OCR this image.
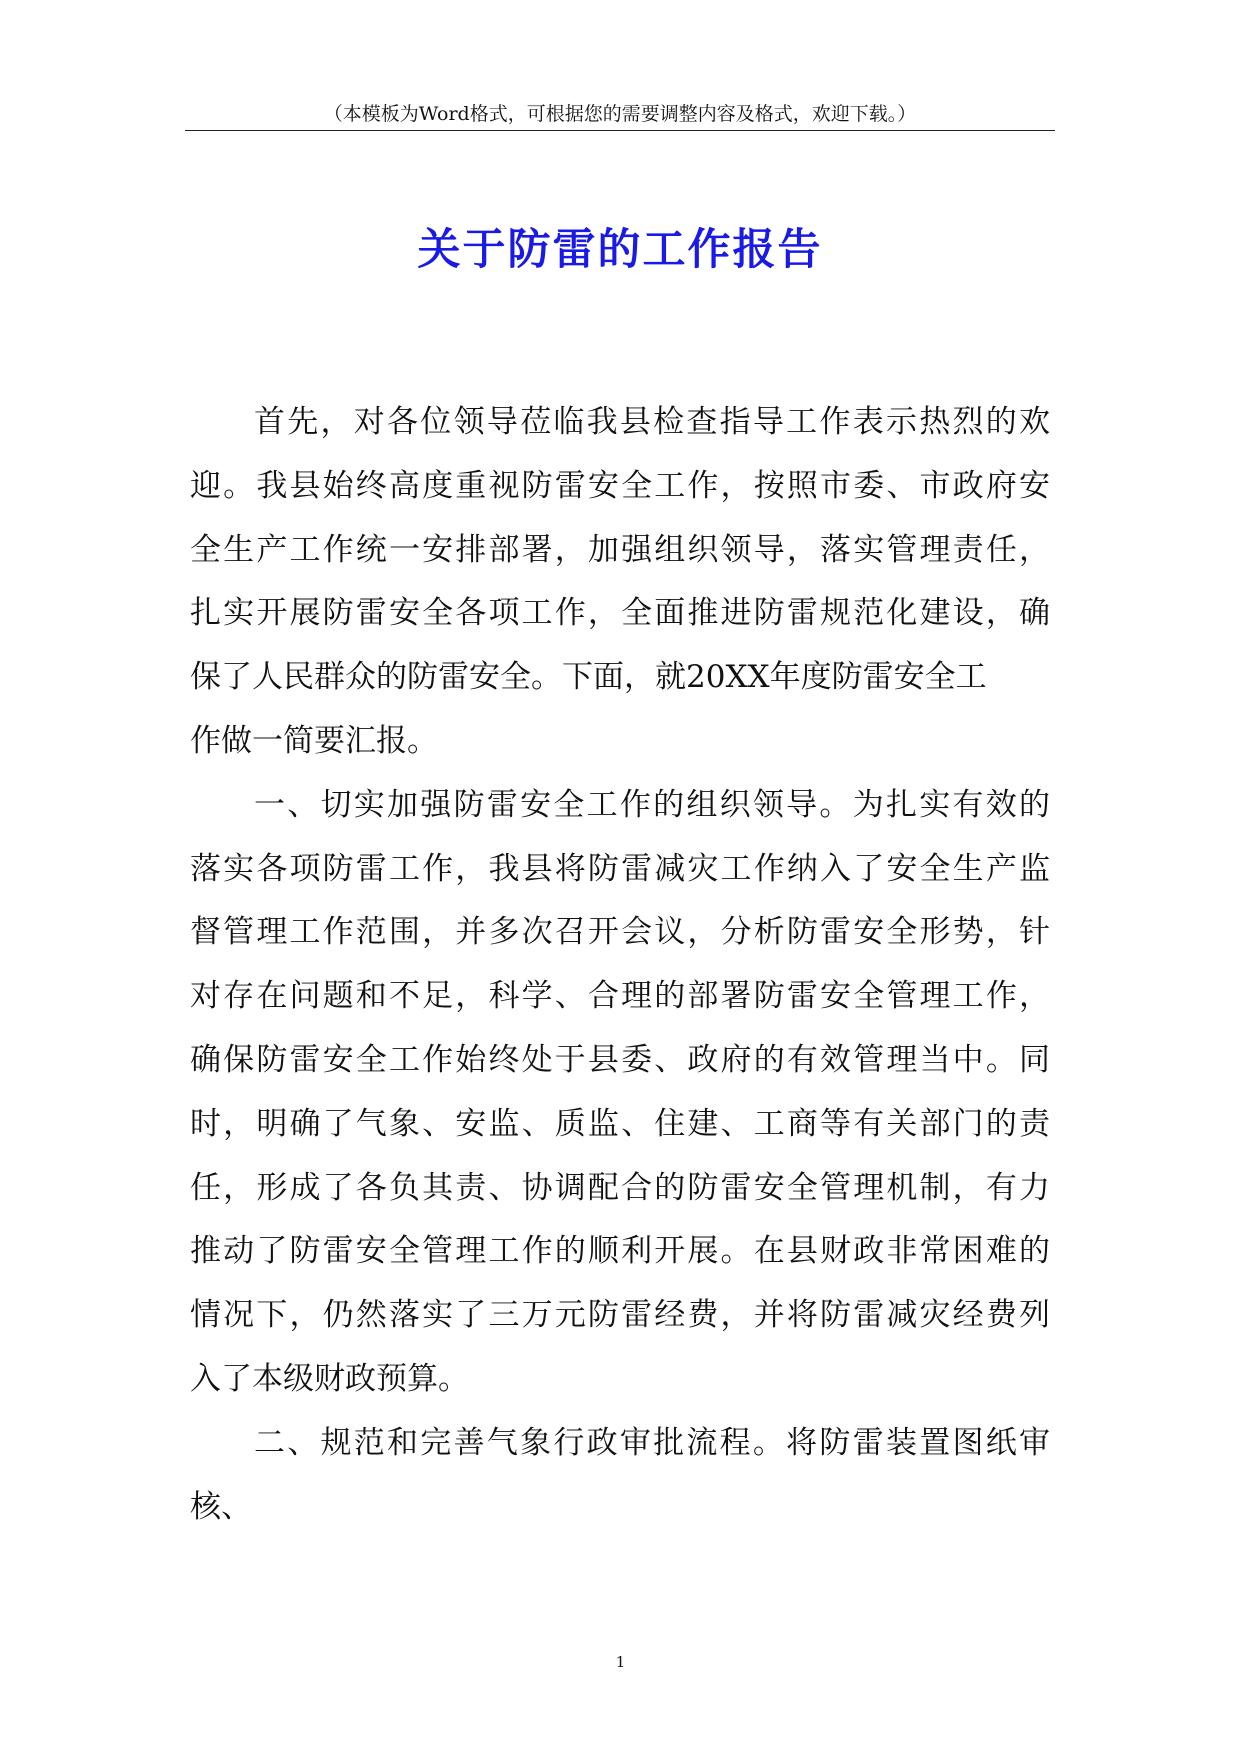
（本模板为Word格式，可根据您的需要调整内容及格式，欢迎下载。）
关于防雷的工作报告
首先，对各位领导莅临我县检查指导工作表示热烈的欢
迎。我县始终高度重视防雷安全工作，按照市委、市政府安
全生产工作统一安排部署，加强组织领导，落实管理责任，
扎实开展防雷安全各项工作，全面推进防雷规范化建设，确
保了人民群众的防雷安全。下面，就20XX年度防雷安全工
作做一简要汇报。
一、切实加强防雷安全工作的组织领导。为扎实有效的
落实各项防雷工作，我县将防雷减灾工作纳入了安全生产监
督管理工作范围，并多次召开会议，分析防雷安全形势，针
对存在问题和不足，科学、合理的部署防雷安全管理工作，
确保防雷安全工作始终处于县委、政府的有效管理当中。同
时，明确了气象、安监、质监、住建、工商等有关部门的责
任，形成了各负其责、协调配合的防雷安全管理机制，有力
推动了防雷安全管理工作的顺利开展。在县财政非常困难的
情况下，仍然落实了三万元防雷经费，并将防雷减灾经费列
入了本级财政预算。
二、规范和完善气象行政审批流程。将防雷装置图纸审
核、
1
